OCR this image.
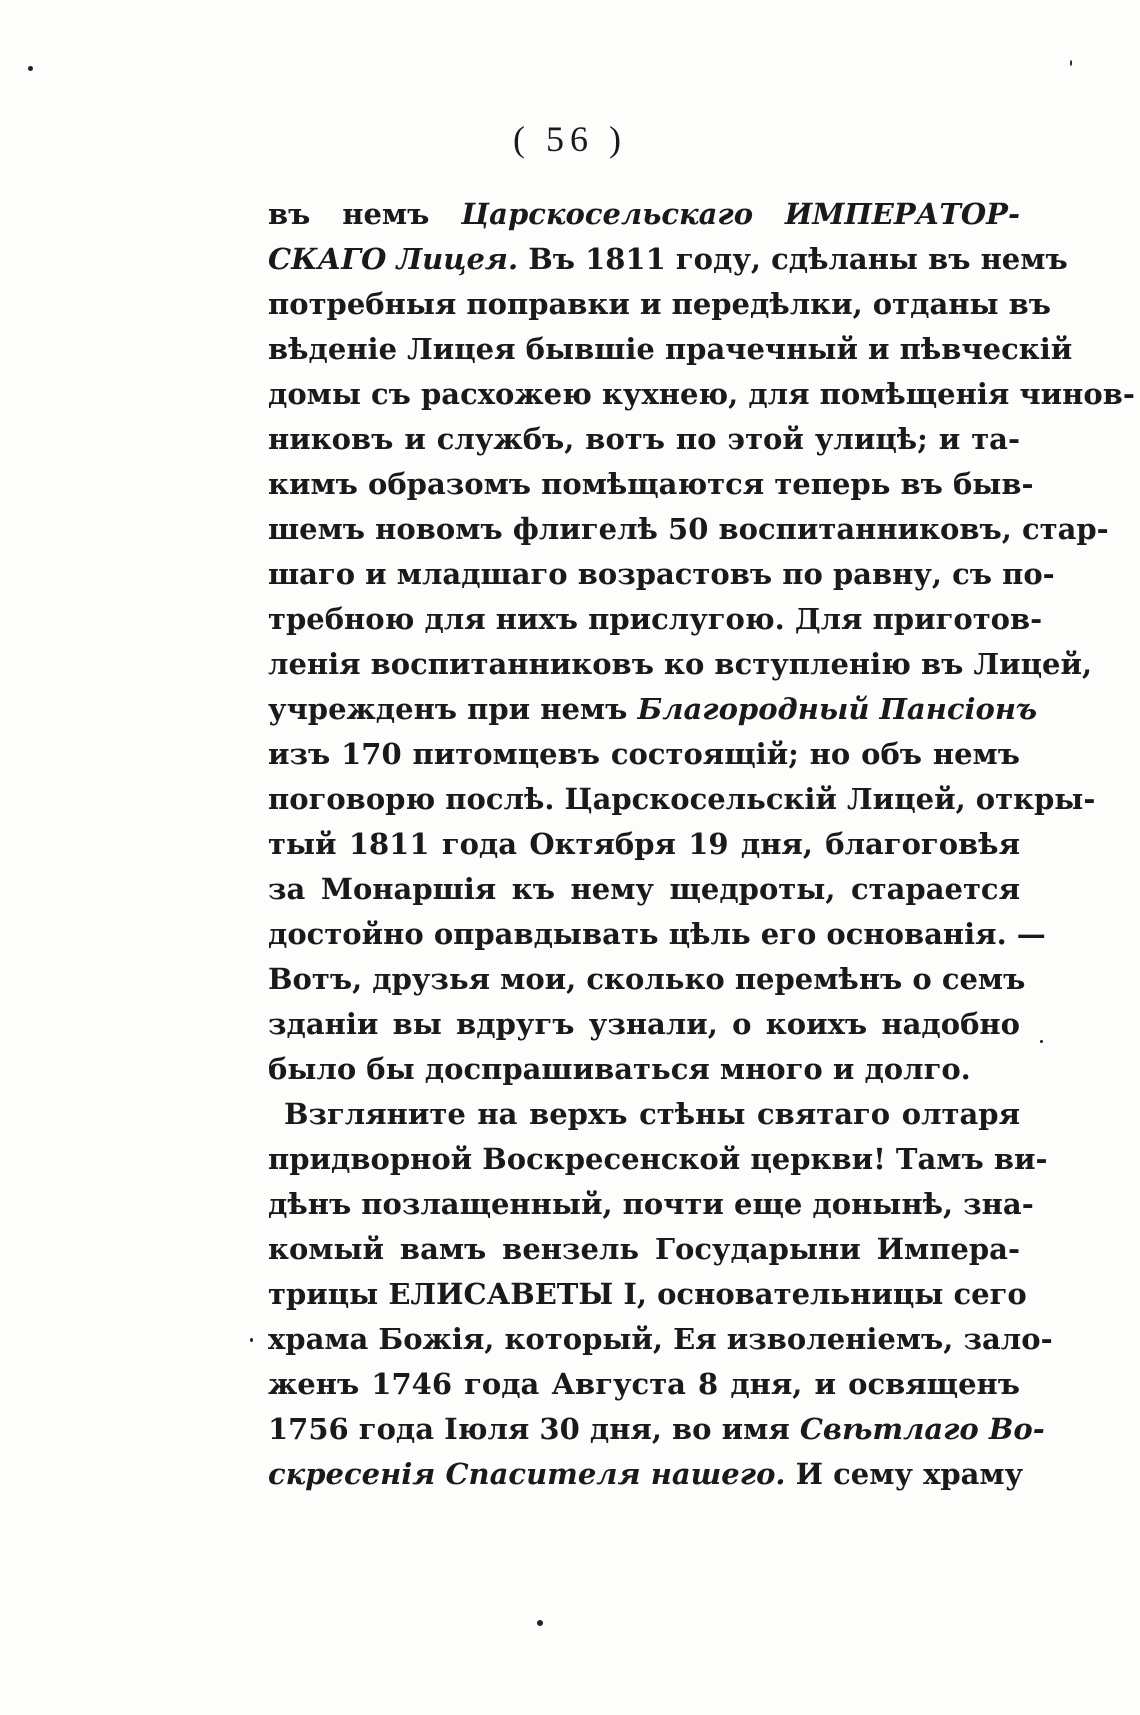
( 56 )
въ немъ Царскосельскаго ИМПЕРАТОР-
СКАГО Лицея. Въ 1811 году, сдѣланы въ немъ
потребныя поправки и передѣлки, отданы въ
вѣденіе Лицея бывшіе прачечный и пѣвческій
домы съ расхожею кухнею, для помѣщенія чинов-
никовъ и службъ, вотъ по этой улицѣ; и та-
кимъ образомъ помѣщаются теперь въ быв-
шемъ новомъ флигелѣ 50 воспитанниковъ, стар-
шаго и младшаго возрастовъ по равну, съ по-
требною для нихъ прислугою. Для приготов-
ленія воспитанниковъ ко вступленію въ Лицей,
учрежденъ при немъ Благородный Пансіонъ
изъ 170 питомцевъ состоящій; но объ немъ
поговорю послѣ. Царскосельскій Лицей, откры-
тый 1811 года Октября 19 дня, благоговѣя
за Монаршія къ нему щедроты, старается
достойно оправдывать цѣль его основанія. —
Вотъ, друзья мои, сколько перемѣнъ о семъ
зданіи вы вдругъ узнали, о коихъ надобно
было бы доспрашиваться много и долго.
Взгляните на верхъ стѣны святаго олтаря
придворной Воскресенской церкви! Тамъ ви-
дѣнъ позлащенный, почти еще донынѣ, зна-
комый вамъ вензель Государыни Импера-
трицы ЕЛИСАВЕТЫ I, основательницы сего
храма Божія, который, Ея изволеніемъ, зало-
женъ 1746 года Августа 8 дня, и освященъ
1756 года Іюля 30 дня, во имя Свѣтлаго Во-
скресенія Спасителя нашего. И сему храму
